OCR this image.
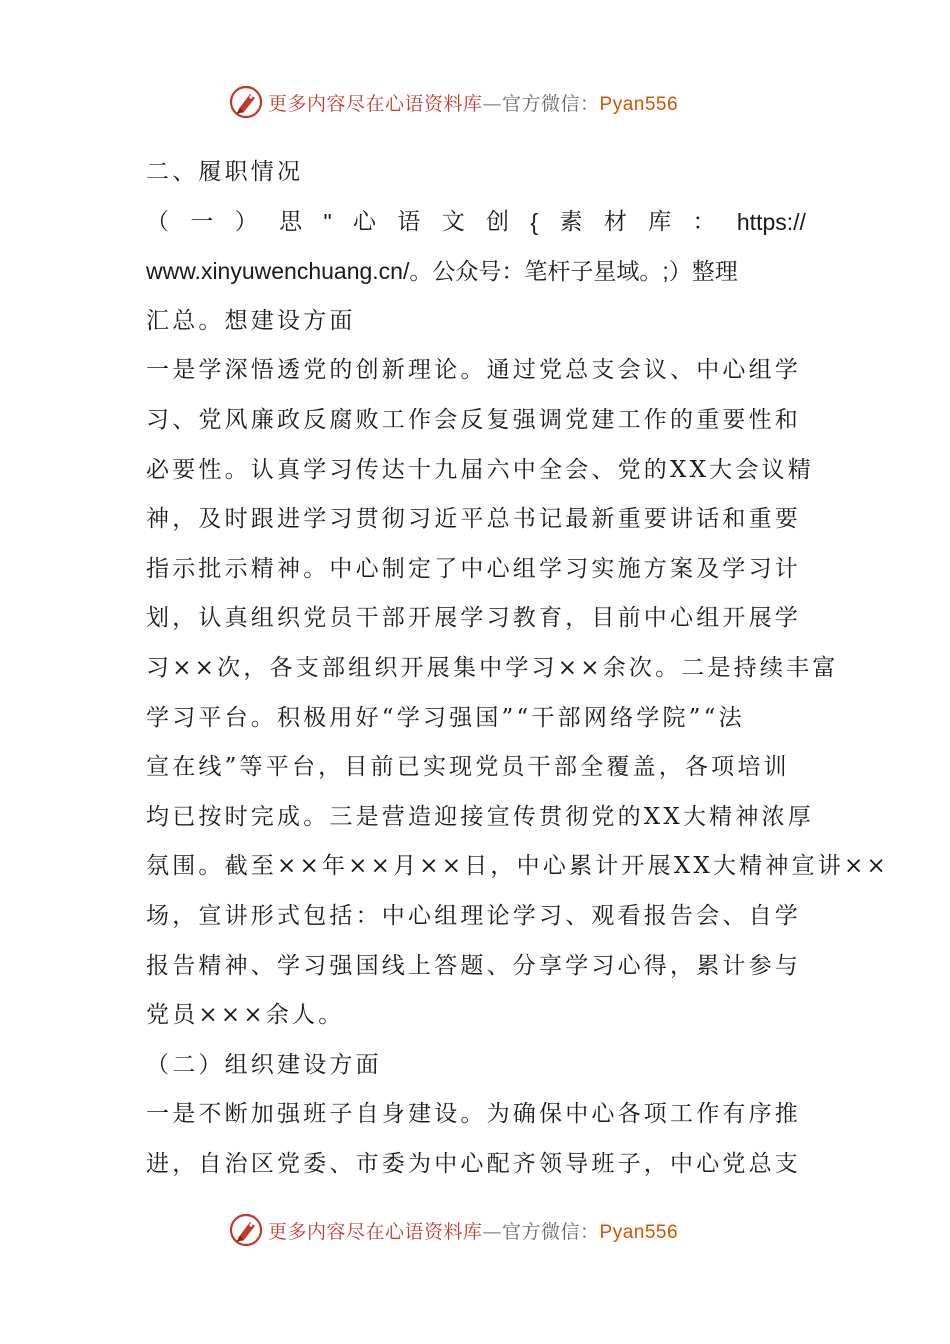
更多内容尽在心语资料库—官方微信：Pyan556
二、履职情况
（ 一 ） 思 " 心 语 文 创 { 素 材 库 ： https://
www.xinyuwenchuang.cn/。公众号：笔杆子星域。;）整理
汇总。想建设方面
一是学深悟透党的创新理论。通过党总支会议、中心组学
习、党风廉政反腐败工作会反复强调党建工作的重要性和
必要性。认真学习传达十九届六中全会、党的XX大会议精
神，及时跟进学习贯彻习近平总书记最新重要讲话和重要
指示批示精神。中心制定了中心组学习实施方案及学习计
划，认真组织党员干部开展学习教育，目前中心组开展学
习××次，各支部组织开展集中学习××余次。二是持续丰富
学习平台。积极用好“学习强国”“干部网络学院”“法
宣在线”等平台，目前已实现党员干部全覆盖，各项培训
均已按时完成。三是营造迎接宣传贯彻党的XX大精神浓厚
氛围。截至××年××月××日，中心累计开展XX大精神宣讲××
场，宣讲形式包括：中心组理论学习、观看报告会、自学
报告精神、学习强国线上答题、分享学习心得，累计参与
党员×××余人。
（二）组织建设方面
一是不断加强班子自身建设。为确保中心各项工作有序推
进，自治区党委、市委为中心配齐领导班子，中心党总支
更多内容尽在心语资料库—官方微信：Pyan556
